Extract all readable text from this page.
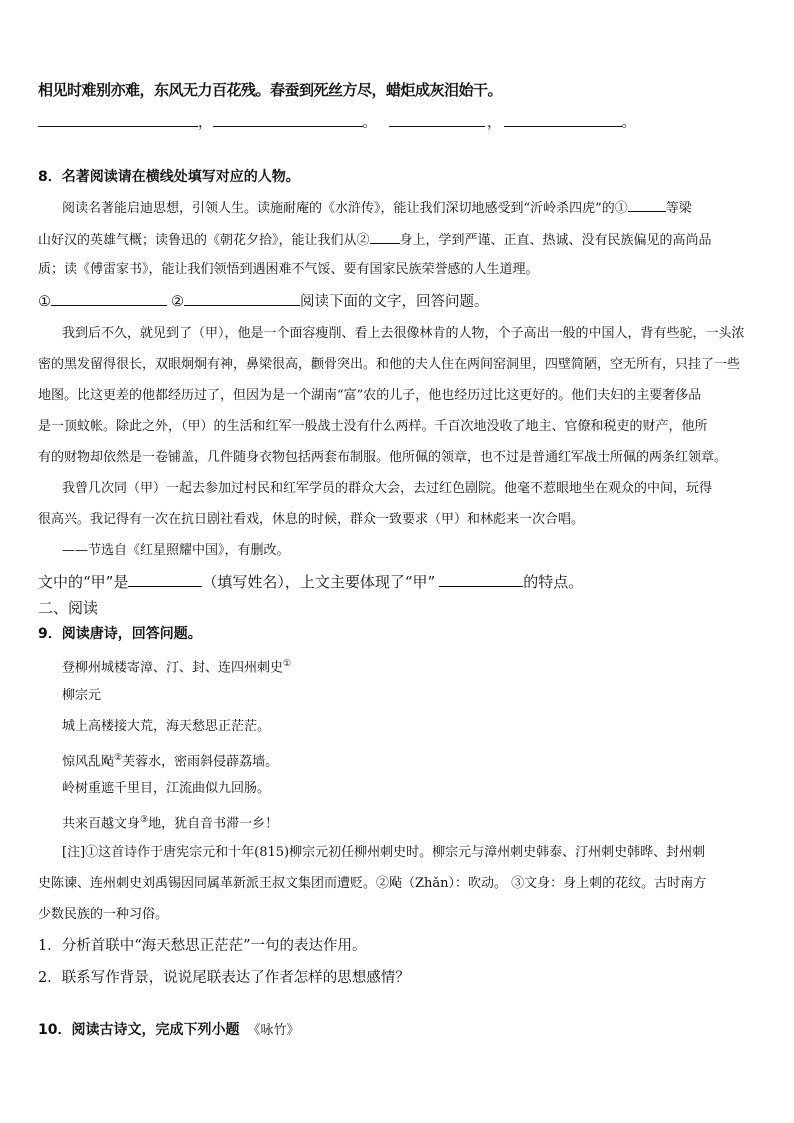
相见时难别亦难，东风无力百花残。春蚕到死丝方尽，蜡炬成灰泪始干。
，	。	，	。
8．名著阅读请在横线处填写对应的人物。
阅读名著能启迪思想，引领人生。读施耐庵的《水浒传》，能让我们深切地感受到“沂岭杀四虎”的①	等梁
山好汉的英雄气概；读鲁迅的《朝花夕拾》，能让我们从② 身上，学到严谨、正直、热诚、没有民族偏见的高尚品
质；读《傅雷家书》，能让我们领悟到遇困难不气馁、要有国家民族荣誉感的人生道理。
①	②	阅读下面的文字，回答问题。
我到后不久，就见到了（甲），他是一个面容瘦削、看上去很像林肯的人物，个子高出一般的中国人，背有些驼，一头浓
密的黑发留得很长，双眼炯炯有神，鼻梁很高，颧骨突出。和他的夫人住在两间窑洞里，四壁简陋，空无所有，只挂了一些
地图。比这更差的他都经历过了，但因为是一个湖南“富”农的儿子，他也经历过比这更好的。他们夫妇的主要奢侈品
是一顶蚊帐。除此之外，（甲）的生活和红军一般战士没有什么两样。千百次地没收了地主、官僚和税吏的财产，他所
有的财物却依然是一卷铺盖，几件随身衣物包括两套布制服。他所佩的领章，也不过是普通红军战士所佩的两条红领章。
我曾几次同（甲）一起去参加过村民和红军学员的群众大会，去过红色剧院。他毫不惹眼地坐在观众的中间，玩得
很高兴。我记得有一次在抗日剧社看戏，休息的时候，群众一致要求（甲）和林彪来一次合唱。
——节选自《红星照耀中国》，有删改。
文中的“甲”是	（填写姓名），上文主要体现了“甲”	的特点。
二、阅读
9．阅读唐诗，回答问题。
登柳州城楼寄漳、汀、封、连四州刺史①
柳宗元
城上高楼接大荒，海天愁思正茫茫。
惊风乱飐②芙蓉水，密雨斜侵薜荔墙。
岭树重遮千里目，江流曲似九回肠。
共来百越文身③地，犹自音书滞一乡！
[注]①这首诗作于唐宪宗元和十年(815)柳宗元初任柳州刺史时。柳宗元与漳州刺史韩泰、汀州刺史韩晔、封州刺
史陈谏、连州刺史刘禹锡因同属革新派王叔文集团而遭贬。②飐（Zhǎn）：吹动。 ③文身：身上刺的花纹。古时南方
少数民族的一种习俗。
1．分析首联中“海天愁思正茫茫”一句的表达作用。
2．联系写作背景，说说尾联表达了作者怎样的思想感情？
10．阅读古诗文，完成下列小题 《咏竹》
